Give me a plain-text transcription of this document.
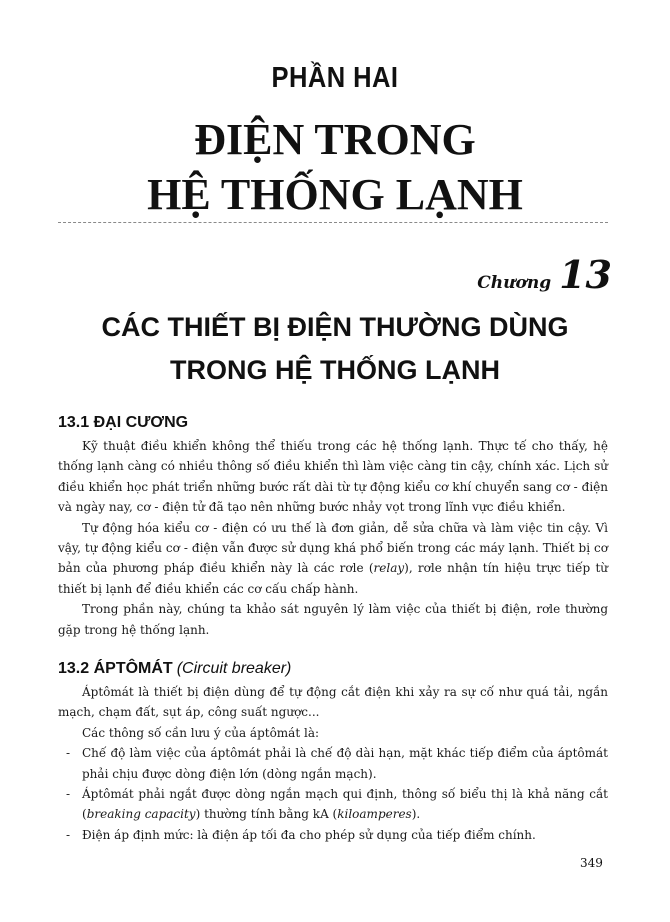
PHẦN HAI
ĐIỆN TRONG
HỆ THỐNG LẠNH
Chương 13
CÁC THIẾT BỊ ĐIỆN THƯỜNG DÙNG
TRONG HỆ THỐNG LẠNH
13.1 ĐẠI CƯƠNG

Kỹ thuật điều khiển không thể thiếu trong các hệ thống lạnh. Thực tế cho thấy, hệ thống lạnh càng có nhiều thông số điều khiển thì làm việc càng tin cậy, chính xác. Lịch sử điều khiển học phát triển những bước rất dài từ tự động kiểu cơ khí chuyển sang cơ - điện và ngày nay, cơ - điện tử đã tạo nên những bước nhảy vọt trong lĩnh vực điều khiển.

Tự động hóa kiểu cơ - điện có ưu thế là đơn giản, dễ sửa chữa và làm việc tin cậy. Vì vậy, tự động kiểu cơ - điện vẫn được sử dụng khá phổ biến trong các máy lạnh. Thiết bị cơ bản của phương pháp điều khiển này là các rơle (relay), rơle nhận tín hiệu trực tiếp từ thiết bị lạnh để điều khiển các cơ cấu chấp hành.

Trong phần này, chúng ta khảo sát nguyên lý làm việc của thiết bị điện, rơle thường gặp trong hệ thống lạnh.

13.2 ÁPTÔMÁT (Circuit breaker)

Áptômát là thiết bị điện dùng để tự động cắt điện khi xảy ra sự cố như quá tải, ngắn mạch, chạm đất, sụt áp, công suất ngược...

Các thông số cần lưu ý của áptômát là:

- Chế độ làm việc của áptômát phải là chế độ dài hạn, mặt khác tiếp điểm của áptômát phải chịu được dòng điện lớn (dòng ngắn mạch).
- Áptômát phải ngắt được dòng ngắn mạch qui định, thông số biểu thị là khả năng cắt (breaking capacity) thường tính bằng kA (kiloamperes).
- Điện áp định mức: là điện áp tối đa cho phép sử dụng của tiếp điểm chính.
349
